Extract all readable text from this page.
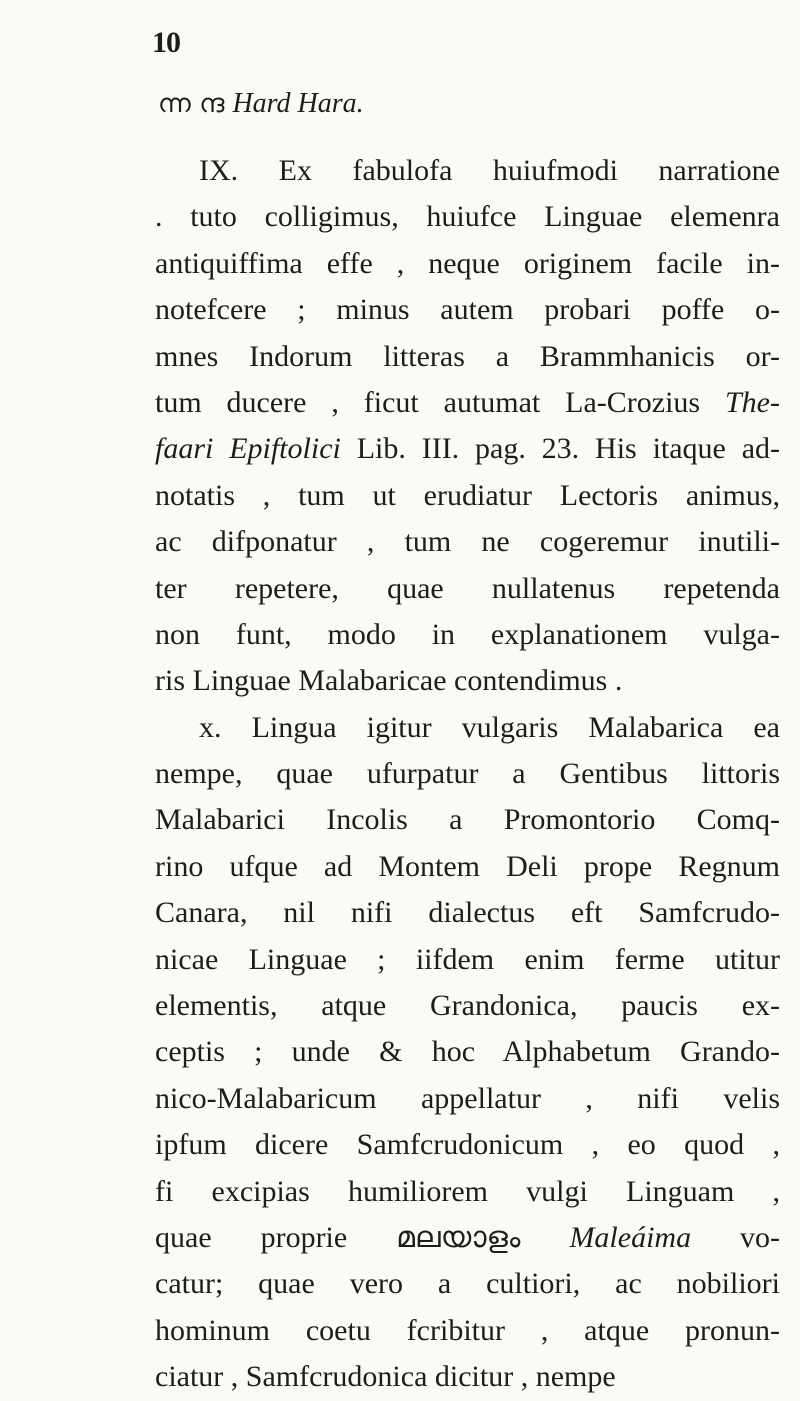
10
ന്ന ന്ദ Hard Hara.
IX. Ex fabulofa huiufmodi narratione
. tuto colligimus, huiufce Linguae elemenra
antiquiffima effe , neque originem facile in-
notefcere ; minus autem probari poffe o-
mnes Indorum litteras a Brammhanicis or-
tum ducere , ficut autumat La-Crozius The-
faari Epiftolici Lib. III. pag. 23. His itaque ad-
notatis , tum ut erudiatur Lectoris animus,
ac difponatur , tum ne cogeremur inutili-
ter repetere, quae nullatenus repetenda
non funt, modo in explanationem vulga-
ris Linguae Malabaricae contendimus .
x. Lingua igitur vulgaris Malabarica ea
nempe, quae ufurpatur a Gentibus littoris
Malabarici Incolis a Promontorio Comq-
rino ufque ad Montem Deli prope Regnum
Canara, nil nifi dialectus eft Samfcrudo-
nicae Linguae ; iifdem enim ferme utitur
elementis, atque Grandonica, paucis ex-
ceptis ; unde & hoc Alphabetum Grando-
nico-Malabaricum appellatur , nifi velis
ipfum dicere Samfcrudonicum , eo quod ,
fi excipias humiliorem vulgi Linguam ,
quae proprie മലയാളം Maleáima vo-
catur; quae vero a cultiori, ac nobiliori
hominum coetu fcribitur , atque pronun-
ciatur , Samfcrudonica dicitur , nempe
